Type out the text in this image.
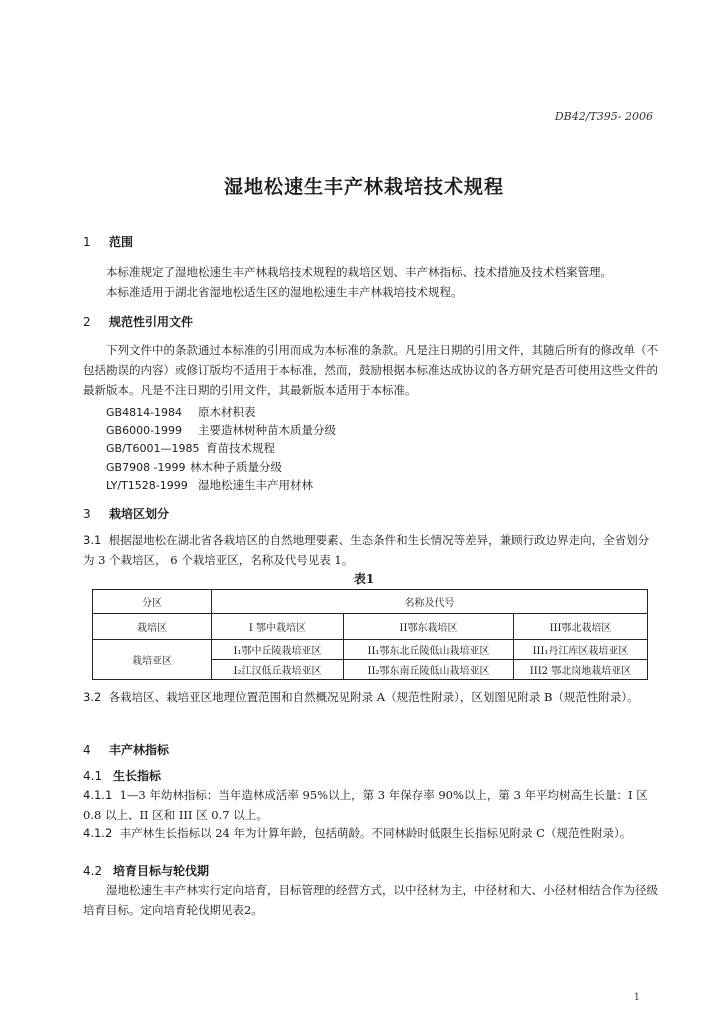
DB42/T395- 2006
湿地松速生丰产林栽培技术规程
1 范围
本标准规定了湿地松速生丰产林栽培技术规程的栽培区划、丰产林指标、技术措施及技术档案管理。
本标准适用于湖北省湿地松适生区的湿地松速生丰产林栽培技术规程。
2 规范性引用文件
下列文件中的条款通过本标准的引用而成为本标准的条款。凡是注日期的引用文件，其随后所有的修改单（不包括勘误的内容）或修订版均不适用于本标准，然而，鼓励根据本标准达成协议的各方研究是否可使用这些文件的最新版本。凡是不注日期的引用文件，其最新版本适用于本标准。
GB4814-1984 原木材积表
GB6000-1999 主要造林树种苗木质量分级
GB/T6001—1985 育苗技术规程
GB7908 -1999 林木种子质量分级
LY/T1528-1999 湿地松速生丰产用材林
3 栽培区划分
3.1 根据湿地松在湖北省各栽培区的自然地理要素、生态条件和生长情况等差异，兼顾行政边界走向，全省划分为 3 个栽培区， 6 个栽培亚区，名称及代号见表 1。
表1
分区	名称及代号		
栽培区	I 鄂中栽培区	II鄂东栽培区	III鄂北栽培区
栽培亚区	I₁鄂中丘陵栽培亚区	II₁鄂东北丘陵低山栽培亚区	III₁丹江库区栽培亚区
	I₂江汉低丘栽培亚区	II₂鄂东南丘陵低山栽培亚区	III2 鄂北岗地栽培亚区
3.2 各栽培区、栽培亚区地理位置范围和自然概况见附录 A（规范性附录），区划图见附录 B（规范性附录）。
4 丰产林指标
4.1 生长指标
4.1.1 1—3 年幼林指标：当年造林成活率 95%以上，第 3 年保存率 90%以上，第 3 年平均树高生长量：I 区 0.8 以上、II 区和 III 区 0.7 以上。
4.1.2 丰产林生长指标以 24 年为计算年龄，包括萌龄。不同林龄时低限生长指标见附录 C（规范性附录）。
4.2 培育目标与轮伐期
湿地松速生丰产林实行定向培育，目标管理的经营方式，以中径材为主，中径材和大、小径材相结合作为径级培育目标。定向培育轮伐期见表2。
1
